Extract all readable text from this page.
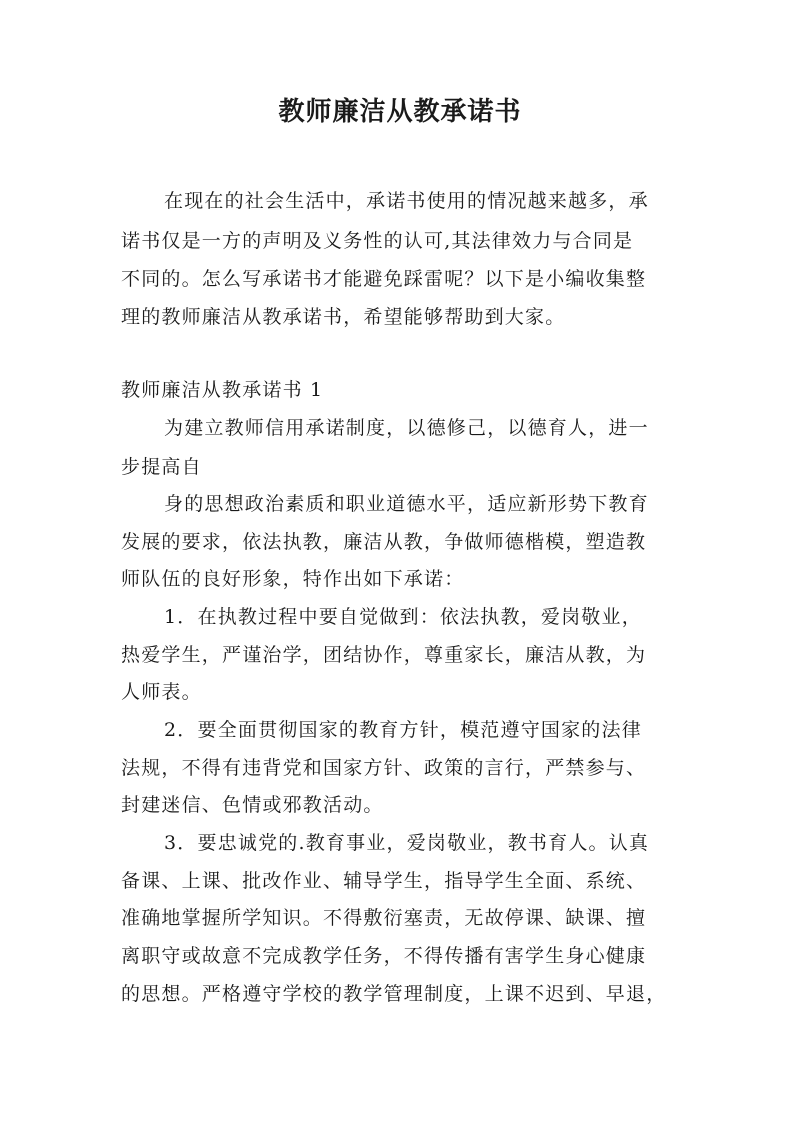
教师廉洁从教承诺书
在现在的社会生活中，承诺书使用的情况越来越多，承
诺书仅是一方的声明及义务性的认可,其法律效力与合同是
不同的。怎么写承诺书才能避免踩雷呢？以下是小编收集整
理的教师廉洁从教承诺书，希望能够帮助到大家。
教师廉洁从教承诺书 1
为建立教师信用承诺制度，以德修己，以德育人，进一
步提高自
身的思想政治素质和职业道德水平，适应新形势下教育
发展的要求，依法执教，廉洁从教，争做师德楷模，塑造教
师队伍的良好形象，特作出如下承诺：
1．在执教过程中要自觉做到：依法执教，爱岗敬业，
热爱学生，严谨治学，团结协作，尊重家长，廉洁从教，为
人师表。
2．要全面贯彻国家的教育方针，模范遵守国家的法律
法规，不得有违背党和国家方针、政策的言行，严禁参与、
封建迷信、色情或邪教活动。
3．要忠诚党的.教育事业，爱岗敬业，教书育人。认真
备课、上课、批改作业、辅导学生，指导学生全面、系统、
准确地掌握所学知识。不得敷衍塞责，无故停课、缺课、擅
离职守或故意不完成教学任务，不得传播有害学生身心健康
的思想。严格遵守学校的教学管理制度，上课不迟到、早退，
